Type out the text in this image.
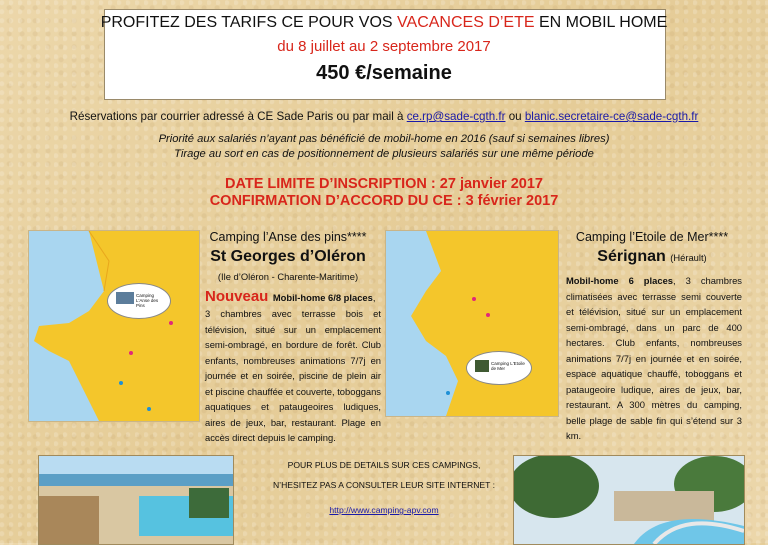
PROFITEZ DES TARIFS CE POUR VOS VACANCES D’ETE EN MOBIL HOME
du 8 juillet au 2 septembre 2017
450 €/semaine
Réservations par courrier adressé à CE Sade Paris ou par mail à ce.rp@sade-cgth.fr ou blanic.secretaire-ce@sade-cgth.fr
Priorité aux salariés n’ayant pas bénéficié de mobil-home en 2016 (sauf si semaines libres)
Tirage au sort en cas de positionnement de plusieurs salariés sur une même période
DATE LIMITE D’INSCRIPTION : 27 janvier 2017
CONFIRMATION D’ACCORD DU CE : 3 février 2017
Camping L'Anse des Pins
Camping l’Anse des pins****
St Georges d’Oléron
(Ile d’Oléron - Charente-Maritime)
Nouveau Mobil-home 6/8 places,
3 chambres avec terrasse bois et télévision, situé sur un emplacement semi-ombragé, en bordure de forêt. Club enfants, nombreuses animations 7/7j en journée et en soirée, piscine de plein air et piscine chauffée et couverte, toboggans aquatiques et pataugeoires ludiques, aires de jeux, bar, restaurant. Plage en accès direct depuis le camping.
Camping L'Etoile de Mer
Camping l’Etoile de Mer****
Sérignan (Hérault)
Mobil-home 6 places, 3 chambres climatisées avec terrasse semi couverte et télévision, situé sur un emplacement semi-ombragé, dans un parc de 400 hectares. Club enfants, nombreuses animations 7/7j en journée et en soirée, espace aquatique chauffé, toboggans et pataugeoire ludique, aires de jeux, bar, restaurant. A 300 mètres du camping, belle plage de sable fin qui s’étend sur 3 km.
POUR PLUS DE DETAILS SUR CES CAMPINGS,
N’HESITEZ PAS A CONSULTER LEUR SITE INTERNET :
http://www.camping-apv.com
